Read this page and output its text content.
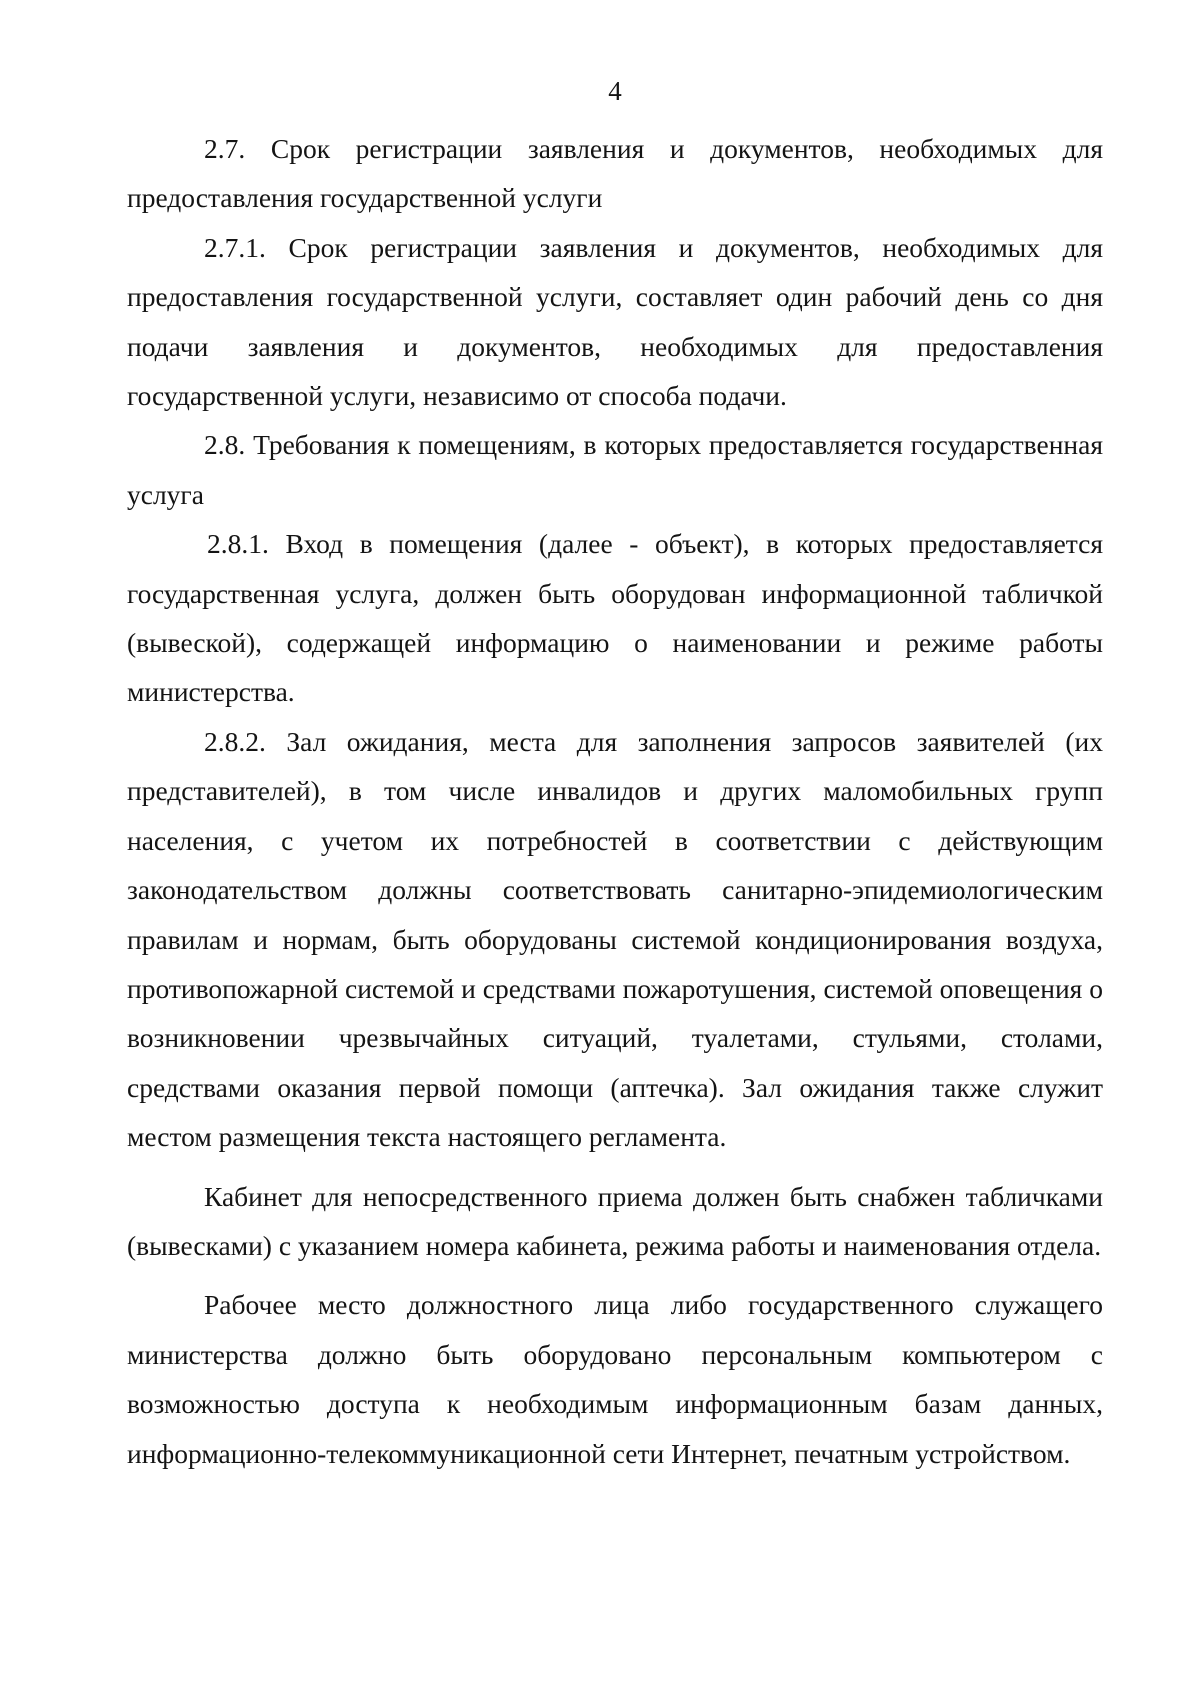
4

2.7. Срок регистрации заявления и документов, необходимых для предоставления государственной услуги

2.7.1. Срок регистрации заявления и документов, необходимых для предоставления государственной услуги, составляет один рабочий день со дня подачи заявления и документов, необходимых для предоставления государственной услуги, независимо от способа подачи.

2.8. Требования к помещениям, в которых предоставляется государственная услуга

2.8.1. Вход в помещения (далее - объект), в которых предоставляется государственная услуга, должен быть оборудован информационной табличкой (вывеской), содержащей информацию о наименовании и режиме работы министерства.

2.8.2. Зал ожидания, места для заполнения запросов заявителей (их представителей), в том числе инвалидов и других маломобильных групп населения, с учетом их потребностей в соответствии с действующим законодательством должны соответствовать санитарно-эпидемиологическим правилам и нормам, быть оборудованы системой кондиционирования воздуха, противопожарной системой и средствами пожаротушения, системой оповещения о возникновении чрезвычайных ситуаций, туалетами, стульями, столами, средствами оказания первой помощи (аптечка). Зал ожидания также служит местом размещения текста настоящего регламента.

Кабинет для непосредственного приема должен быть снабжен табличками (вывесками) с указанием номера кабинета, режима работы и наименования отдела.

Рабочее место должностного лица либо государственного служащего министерства должно быть оборудовано персональным компьютером с возможностью доступа к необходимым информационным базам данных, информационно-телекоммуникационной сети Интернет, печатным устройством.
